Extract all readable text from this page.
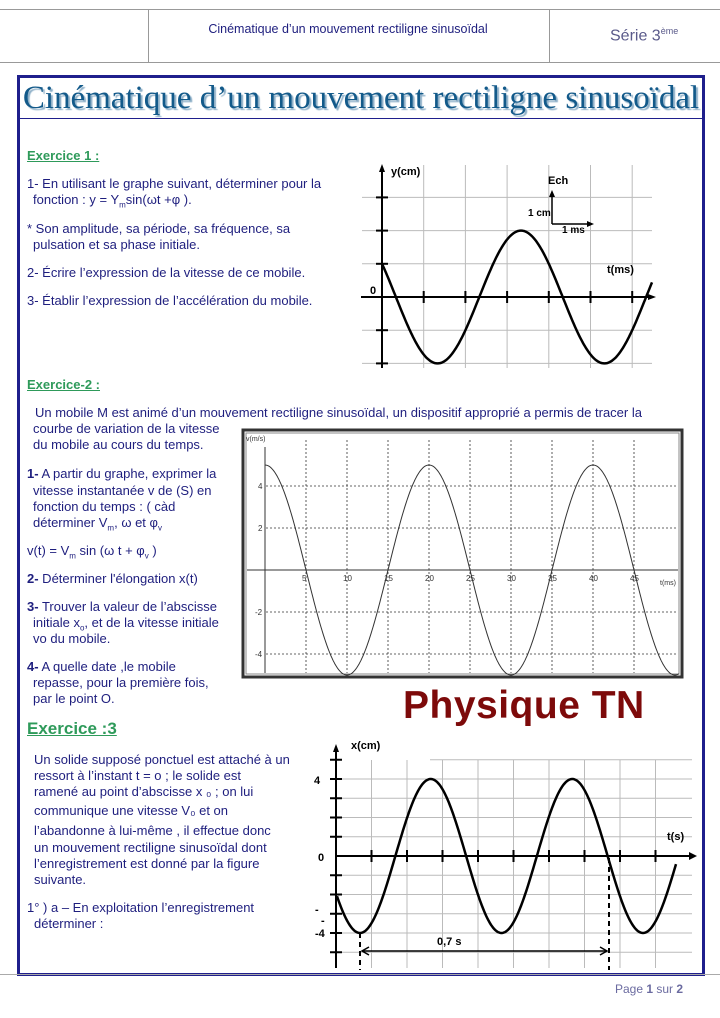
Cinématique d’un mouvement rectiligne sinusoïdal	Série 3ème
Cinématique d’un mouvement rectiligne sinusoïdal
Exercice 1 :
1- En utilisant le graphe suivant, déterminer pour la
fonction : $y = Y_m\sin(\omega t +\varphi$ ).
* Son amplitude, sa période, sa fréquence, sa
pulsation et sa phase initiale.
2- Écrire l’expression de la vitesse de ce mobile.
3- Établir l’expression de l’accélération du mobile.
y(cm)
t(ms)
0
Ech
1 cm
1 ms
Exercice-2 :
Un mobile M est animé d’un mouvement rectiligne sinusoïdal, un dispositif approprié a permis de tracer la
courbe de variation de la vitesse
du mobile au cours du temps.
1- A partir du graphe, exprimer la
vitesse instantanée v de (S) en
fonction du temps : ( càd
déterminer $V_m$, ω et $\varphi_v$
$v(t) = V_m$ sin (ω $t + \varphi_v$ )
2- Déterminer l'élongation x(t)
3- Trouver la valeur de l’abscisse
initiale $x_o$, et de la vitesse initiale
vo du mobile.
4- A quelle date ,le mobile
repasse, pour la première fois,
par le point O.
5	10	15	20	25	30	35	40	45
4
2
-2
-4
v(m/s)
t(ms)
Physique TN
Exercice :3
Un solide supposé ponctuel est attaché à un
ressort à l’instant t = o ; le solide est
ramené au point d’abscisse x ₀ ; on lui
communique une vitesse V₀ et on
l’abandonne à lui-même , il effectue donc
un mouvement rectiligne sinusoïdal dont
l’enregistrement est donné par la figure
suivante.
1° ) a – En exploitation l’enregistrement
déterminer :
x(cm)
t(s)
4
0
-
-
-4
0,7 s
Page 1 sur 2
